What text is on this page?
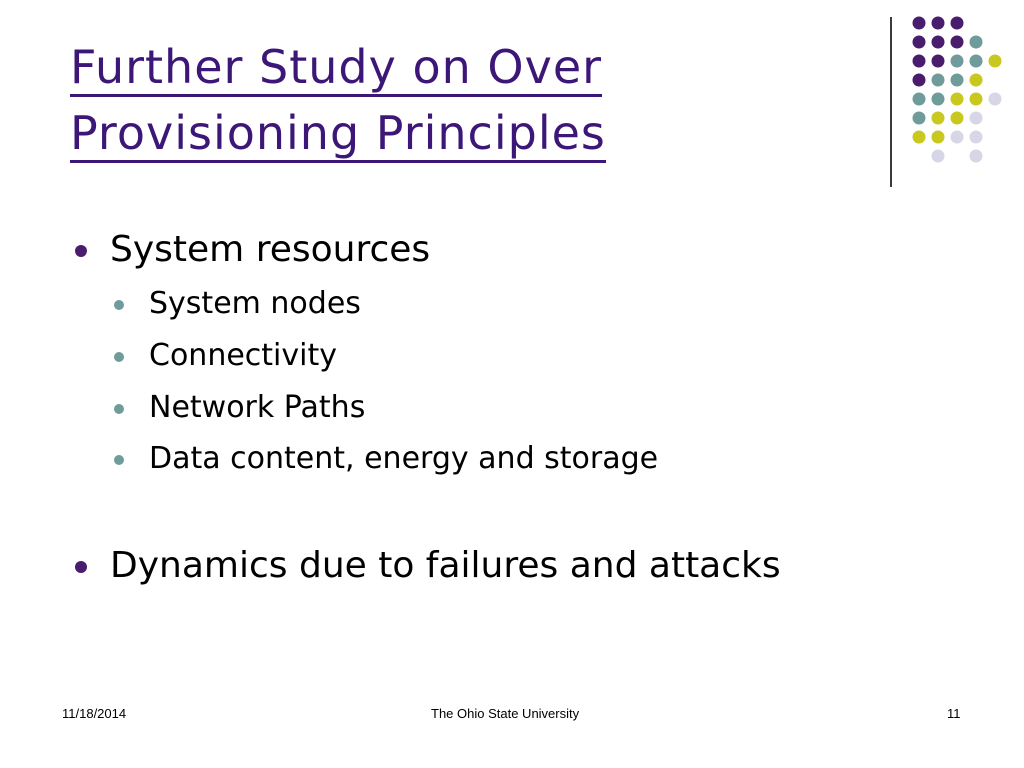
Further Study on Over
Provisioning Principles
System resources
System nodes
Connectivity
Network Paths
Data content, energy and storage
Dynamics due to failures and attacks
11/18/2014	The Ohio State University	11
